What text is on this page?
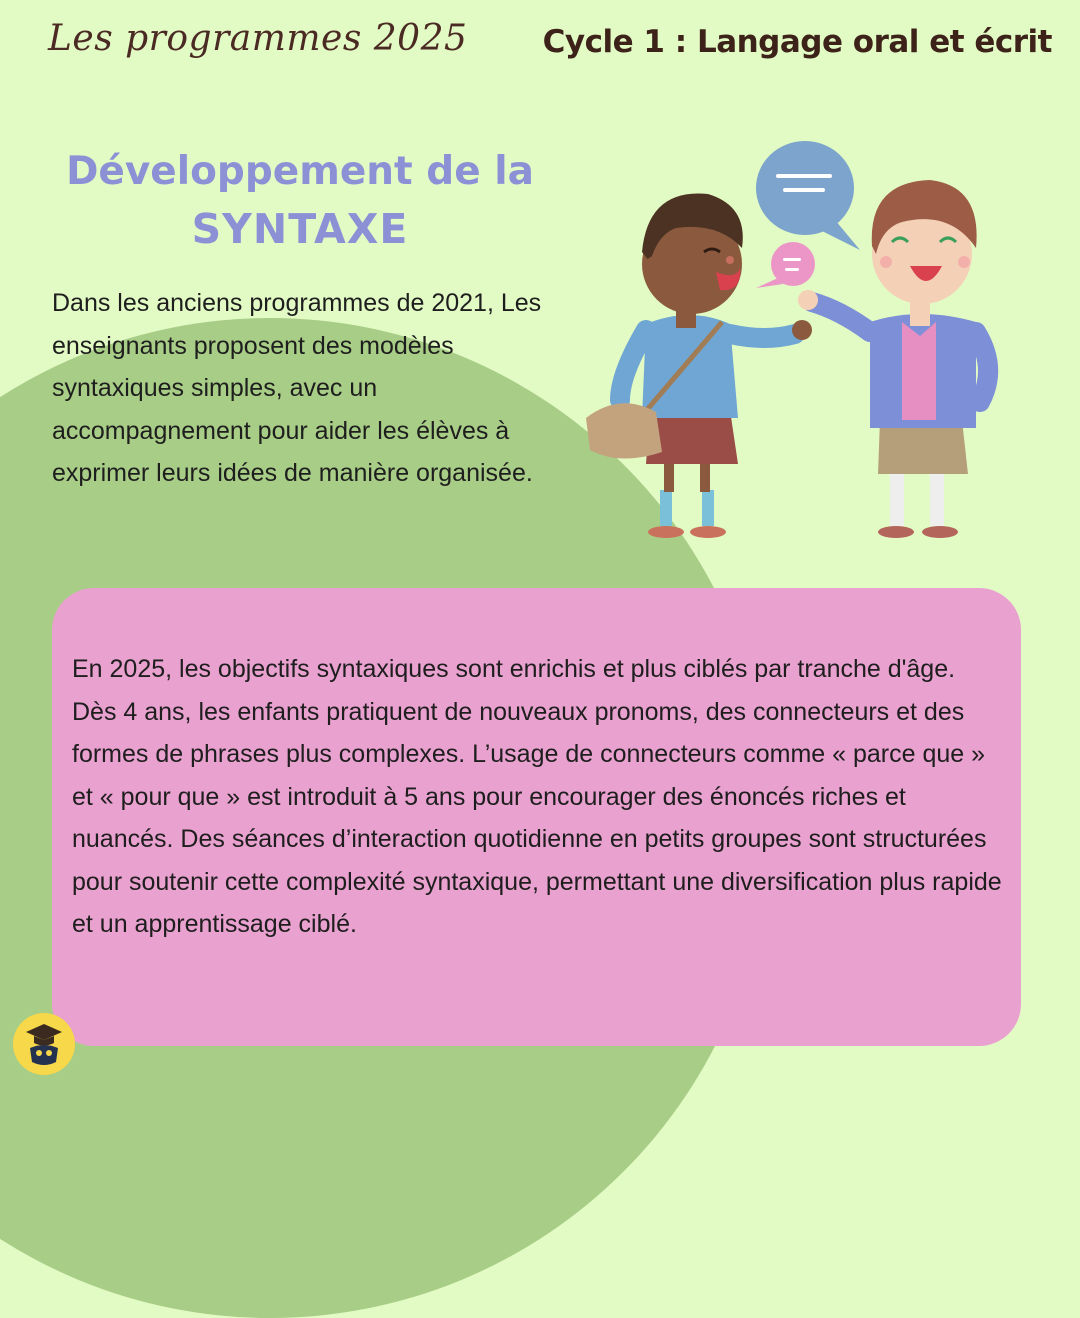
Les programmes 2025 Cycle 1 : Langage oral et écrit
Développement de la
SYNTAXE

Dans les anciens programmes de 2021, Les enseignants proposent des modèles syntaxiques simples, avec un accompagnement pour aider les élèves à exprimer leurs idées de manière organisée.

En 2025, les objectifs syntaxiques sont enrichis et plus ciblés par tranche d'âge. Dès 4 ans, les enfants pratiquent de nouveaux pronoms, des connecteurs et des formes de phrases plus complexes. L’usage de connecteurs comme « parce que » et « pour que » est introduit à 5 ans pour encourager des énoncés riches et nuancés. Des séances d’interaction quotidienne en petits groupes sont structurées pour soutenir cette complexité syntaxique, permettant une diversification plus rapide et un apprentissage ciblé.
